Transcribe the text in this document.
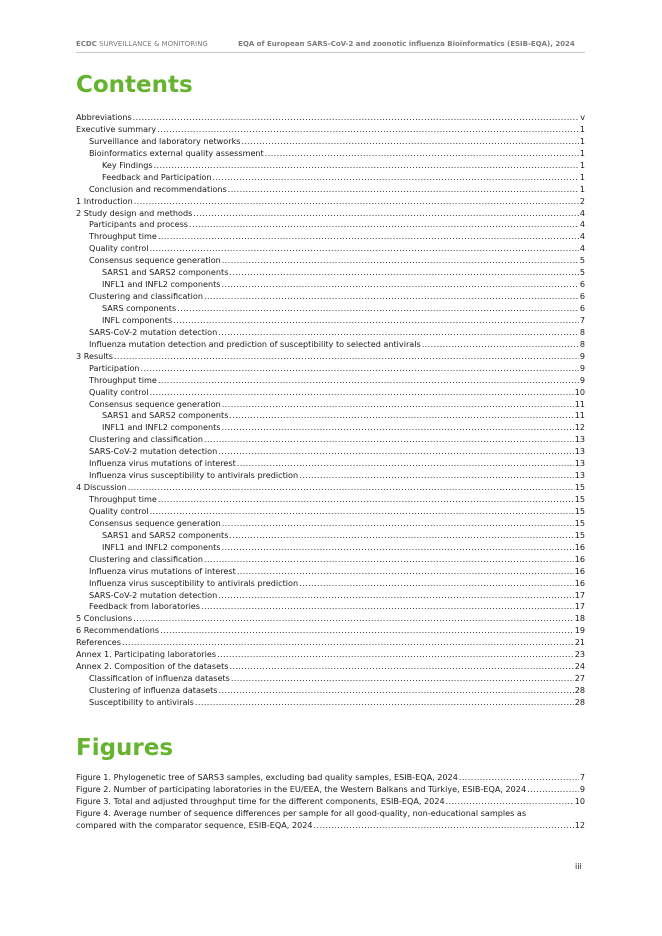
ECDC SURVEILLANCE & MONITORING	EQA of European SARS-CoV-2 and zoonotic influenza Bioinformatics (ESIB-EQA), 2024
Contents
Abbreviations .....	v
Executive summary .....	1
Surveillance and laboratory networks .....	1
Bioinformatics external quality assessment .....	1
Key Findings .....	1
Feedback and Participation .....	1
Conclusion and recommendations .....	1
1 Introduction .....	2
2 Study design and methods .....	4
Participants and process .....	4
Throughput time .....	4
Quality control .....	4
Consensus sequence generation .....	5
SARS1 and SARS2 components .....	5
INFL1 and INFL2 components .....	6
Clustering and classification .....	6
SARS components .....	6
INFL components .....	7
SARS-CoV-2 mutation detection .....	8
Influenza mutation detection and prediction of susceptibility to selected antivirals .....	8
3 Results .....	9
Participation .....	9
Throughput time .....	9
Quality control .....	10
Consensus sequence generation .....	11
SARS1 and SARS2 components .....	11
INFL1 and INFL2 components .....	12
Clustering and classification .....	13
SARS-CoV-2 mutation detection .....	13
Influenza virus mutations of interest .....	13
Influenza virus susceptibility to antivirals prediction .....	13
4 Discussion .....	15
Throughput time .....	15
Quality control .....	15
Consensus sequence generation .....	15
SARS1 and SARS2 components .....	15
INFL1 and INFL2 components .....	16
Clustering and classification .....	16
Influenza virus mutations of interest .....	16
Influenza virus susceptibility to antivirals prediction .....	16
SARS-CoV-2 mutation detection .....	17
Feedback from laboratories .....	17
5 Conclusions .....	18
6 Recommendations .....	19
References .....	21
Annex 1. Participating laboratories .....	23
Annex 2. Composition of the datasets .....	24
Classification of influenza datasets .....	27
Clustering of influenza datasets .....	28
Susceptibility to antivirals .....	28
Figures
Figure 1. Phylogenetic tree of SARS3 samples, excluding bad quality samples, ESIB-EQA, 2024 .....	7
Figure 2. Number of participating laboratories in the EU/EEA, the Western Balkans and Türkiye, ESIB-EQA, 2024 .....	9
Figure 3. Total and adjusted throughput time for the different components, ESIB-EQA, 2024 .....	10
Figure 4. Average number of sequence differences per sample for all good-quality, non-educational samples as
compared with the comparator sequence, ESIB-EQA, 2024 .....	12
iii
